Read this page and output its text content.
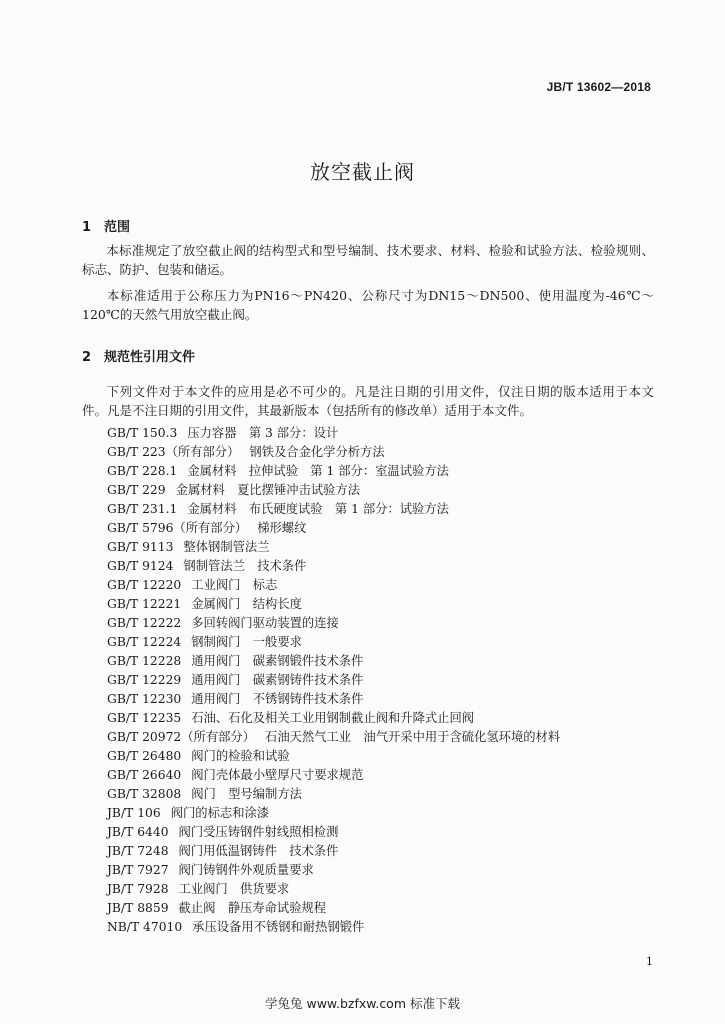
JB/T 13602—2018
放空截止阀
1 范围

本标准规定了放空截止阀的结构型式和型号编制、技术要求、材料、检验和试验方法、检验规则、标志、防护、包装和储运。

本标准适用于公称压力为PN16～PN420、公称尺寸为DN15～DN500、使用温度为-46℃～120℃的天然气用放空截止阀。

2 规范性引用文件

下列文件对于本文件的应用是必不可少的。凡是注日期的引用文件，仅注日期的版本适用于本文件。凡是不注日期的引用文件，其最新版本（包括所有的修改单）适用于本文件。

GB/T 150.3 压力容器　第 3 部分：设计
GB/T 223（所有部分） 钢铁及合金化学分析方法
GB/T 228.1 金属材料　拉伸试验　第 1 部分：室温试验方法
GB/T 229 金属材料　夏比摆锤冲击试验方法
GB/T 231.1 金属材料　布氏硬度试验　第 1 部分：试验方法
GB/T 5796（所有部分） 梯形螺纹
GB/T 9113 整体钢制管法兰
GB/T 9124 钢制管法兰　技术条件
GB/T 12220 工业阀门　标志
GB/T 12221 金属阀门　结构长度
GB/T 12222 多回转阀门驱动装置的连接
GB/T 12224 钢制阀门　一般要求
GB/T 12228 通用阀门　碳素钢锻件技术条件
GB/T 12229 通用阀门　碳素钢铸件技术条件
GB/T 12230 通用阀门　不锈钢铸件技术条件
GB/T 12235 石油、石化及相关工业用钢制截止阀和升降式止回阀
GB/T 20972（所有部分） 石油天然气工业　油气开采中用于含硫化氢环境的材料
GB/T 26480 阀门的检验和试验
GB/T 26640 阀门壳体最小壁厚尺寸要求规范
GB/T 32808 阀门　型号编制方法
JB/T 106 阀门的标志和涂漆
JB/T 6440 阀门受压铸钢件射线照相检测
JB/T 7248 阀门用低温钢铸件　技术条件
JB/T 7927 阀门铸钢件外观质量要求
JB/T 7928 工业阀门　供货要求
JB/T 8859 截止阀　静压寿命试验规程
NB/T 47010 承压设备用不锈钢和耐热钢锻件
1
学兔兔 www.bzfxw.com 标准下载
